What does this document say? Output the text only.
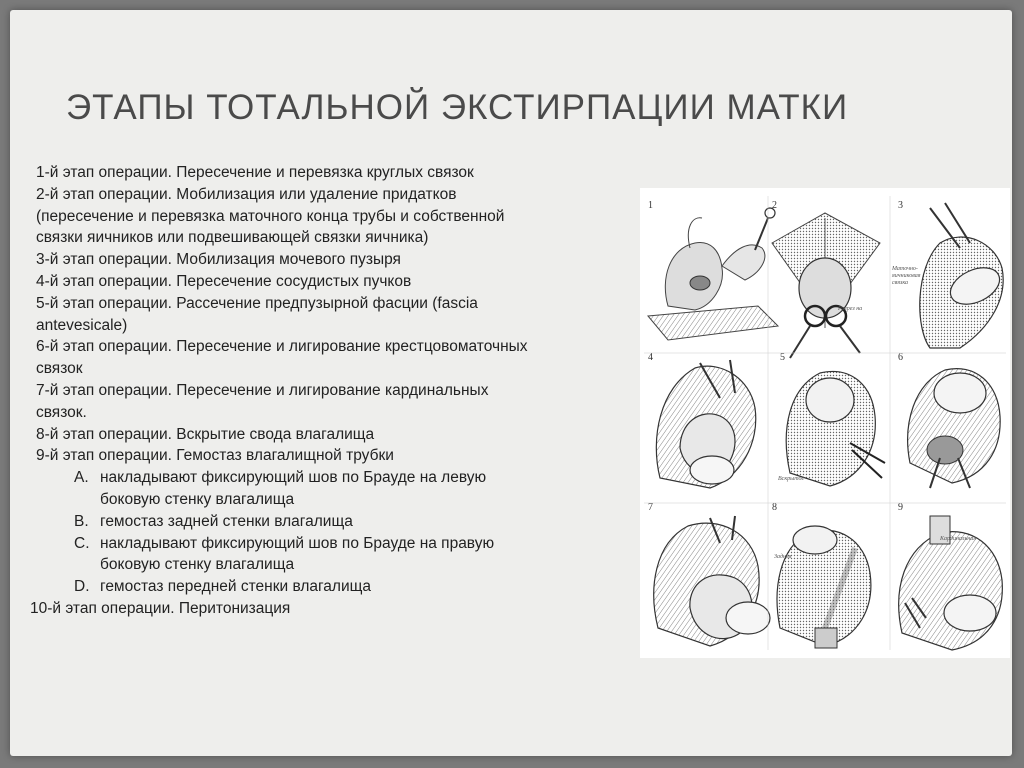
ЭТАПЫ ТОТАЛЬНОЙ ЭКСТИРПАЦИИ МАТКИ
1-й этап операции. Пересечение и перевязка круглых связок
2-й этап операции. Мобилизация или удаление придатков
(пересечение и перевязка маточного конца трубы и собственной
связки яичников или подвешивающей связки яичника)
3-й этап операции. Мобилизация мочевого пузыря
4-й этап операции. Пересечение сосудистых пучков
5-й этап операции. Рассечение предпузырной фасции (fascia
antevesicale)
6-й этап операции. Пересечение и лигирование крестцовоматочных
связок
7-й этап операции. Пересечение и лигирование кардинальных
связок.
8-й этап операции. Вскрытие свода влагалища
9-й этап операции. Гемостаз влагалищной трубки
A. накладывают фиксирующий шов по Брауде на левую
боковую стенку влагалища
B. гемостаз задней стенки влагалища
C. накладывают фиксирующий шов по Брауде на правую
боковую стенку влагалища
D. гемостаз передней стенки влагалища
10-й этап операции. Перитонизация
1	2
Разрез на
3
Маточно-
яичниковая
связка
4	5
Вскрытое
6
7	8
Задняя
9
Кардинальная
